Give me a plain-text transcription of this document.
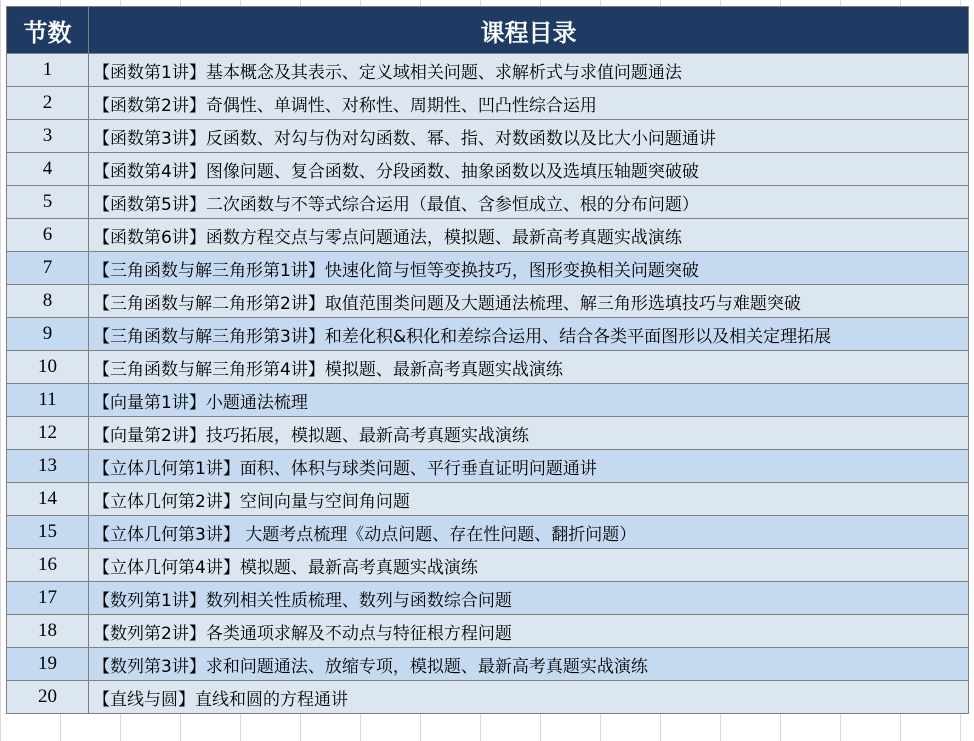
节数	课程目录
1	【函数第1讲】基本概念及其表示、定义域相关问题、求解析式与求值问题通法
2	【函数第2讲】奇偶性、单调性、对称性、周期性、凹凸性综合运用
3	【函数第3讲】反函数、对勾与伪对勾函数、幂、指、对数函数以及比大小问题通讲
4	【函数第4讲】图像问题、复合函数、分段函数、抽象函数以及选填压轴题突破破
5	【函数第5讲】二次函数与不等式综合运用（最值、含参恒成立、根的分布问题）
6	【函数第6讲】函数方程交点与零点问题通法，模拟题、最新高考真题实战演练
7	【三角函数与解三角形第1讲】快速化简与恒等变换技巧，图形变换相关问题突破
8	【三角函数与解二角形第2讲】取值范围类问题及大题通法梳理、解三角形选填技巧与难题突破
9	【三角函数与解三角形第3讲】和差化积&积化和差综合运用、结合各类平面图形以及相关定理拓展
10	【三角函数与解三角形第4讲】模拟题、最新高考真题实战演练
11	【向量第1讲】小题通法梳理
12	【向量第2讲】技巧拓展，模拟题、最新高考真题实战演练
13	【立体几何第1讲】面积、体积与球类问题、平行垂直证明问题通讲
14	【立体几何第2讲】空间向量与空间角问题
15	【立体几何第3讲】 大题考点梳理《动点问题、存在性问题、翻折问题）
16	【立体几何第4讲】模拟题、最新高考真题实战演练
17	【数列第1讲】数列相关性质梳理、数列与函数综合问题
18	【数列第2讲】各类通项求解及不动点与特征根方程问题
19	【数列第3讲】求和问题通法、放缩专项，模拟题、最新高考真题实战演练
20	【直线与圆】直线和圆的方程通讲
